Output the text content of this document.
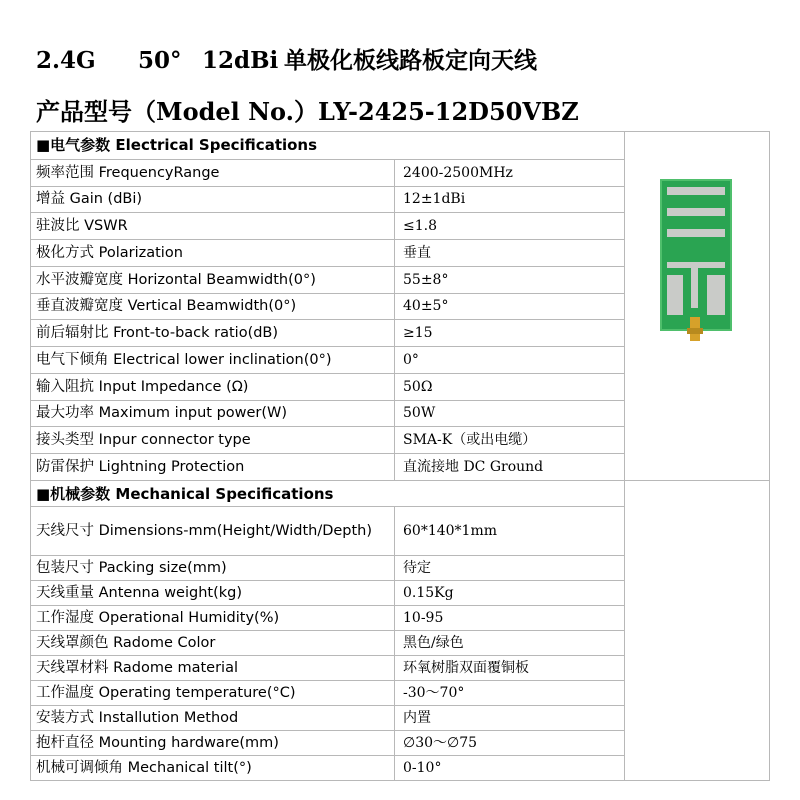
2.4G 50° 12dBi 单极化板线路板定向天线
产品型号（Model No.）LY-2425-12D50VBZ
■电气参数 Electrical Specifications	
频率范围 FrequencyRange	2400-2500MHz	
增益 Gain (dBi)	12±1dBi	
驻波比 VSWR	≤1.8	
极化方式 Polarization	垂直	
水平波瓣宽度 Horizontal Beamwidth(0°)	55±8°	
垂直波瓣宽度 Vertical Beamwidth(0°)	40±5°	
前后辐射比 Front-to-back ratio(dB)	≥15	
电气下倾角 Electrical lower inclination(0°)	0°	
输入阻抗 Input Impedance (Ω)	50Ω	
最大功率 Maximum input power(W)	50W	
接头类型 Inpur connector type	SMA-K（或出电缆）	
防雷保护 Lightning Protection	直流接地 DC Ground	
■机械参数 Mechanical Specifications		
天线尺寸 Dimensions-mm(Height/Width/Depth)	60*140*1mm	
包装尺寸 Packing size(mm)	待定	
天线重量 Antenna weight(kg)	0.15Kg	
工作湿度 Operational Humidity(%)	10-95	
天线罩颜色 Radome Color	黑色/绿色	
天线罩材料 Radome material	环氧树脂双面覆铜板	
工作温度 Operating temperature(°C)	-30～70°	
安装方式 Installution Method	内置	
抱杆直径 Mounting hardware(mm)	∅30～∅75	
机械可调倾角 Mechanical tilt(°)	0-10°	
